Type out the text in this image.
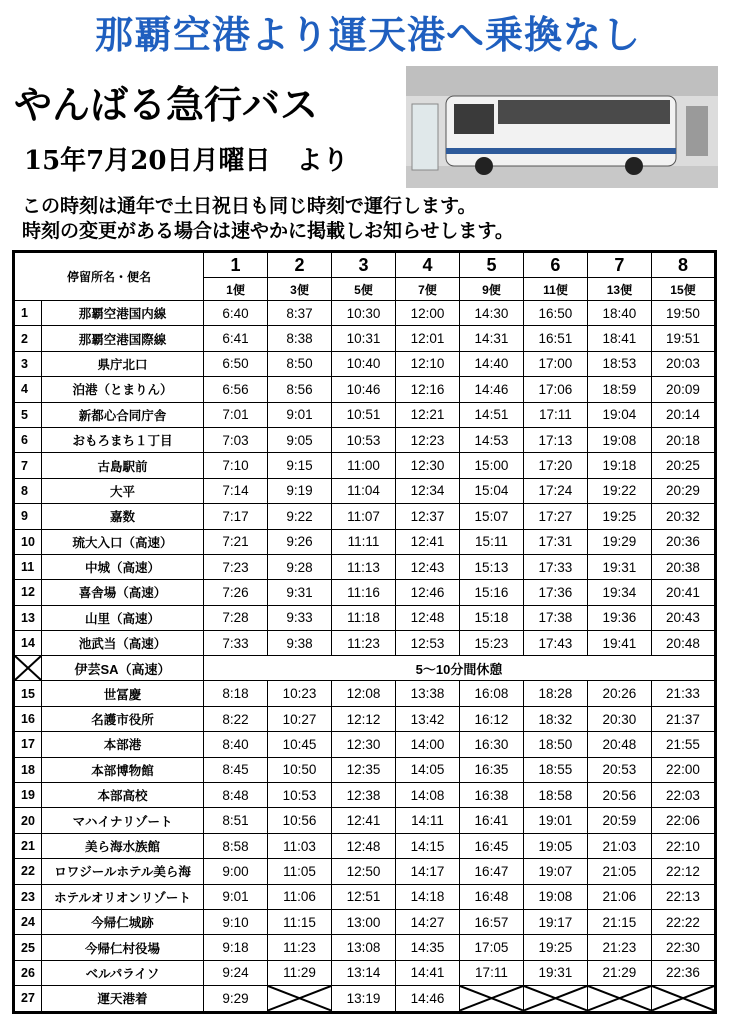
那覇空港より運天港へ乗換なし
やんばる急行バス
15年7月20日月曜日　より
この時刻は通年で土日祝日も同じ時刻で運行します。
時刻の変更がある場合は速やかに掲載しお知らせします。
停留所名・便名		1	2	3	4	5	6	7	8
		1便	3便	5便	7便	9便	11便	13便	15便
1	那覇空港国内線	6:40	8:37	10:30	12:00	14:30	16:50	18:40	19:50
2	那覇空港国際線	6:41	8:38	10:31	12:01	14:31	16:51	18:41	19:51
3	県庁北口	6:50	8:50	10:40	12:10	14:40	17:00	18:53	20:03
4	泊港（とまりん）	6:56	8:56	10:46	12:16	14:46	17:06	18:59	20:09
5	新都心合同庁舎	7:01	9:01	10:51	12:21	14:51	17:11	19:04	20:14
6	おもろまち１丁目	7:03	9:05	10:53	12:23	14:53	17:13	19:08	20:18
7	古島駅前	7:10	9:15	11:00	12:30	15:00	17:20	19:18	20:25
8	大平	7:14	9:19	11:04	12:34	15:04	17:24	19:22	20:29
9	嘉数	7:17	9:22	11:07	12:37	15:07	17:27	19:25	20:32
10	琉大入口（高速）	7:21	9:26	11:11	12:41	15:11	17:31	19:29	20:36
11	中城（高速）	7:23	9:28	11:13	12:43	15:13	17:33	19:31	20:38
12	喜舎場（高速）	7:26	9:31	11:16	12:46	15:16	17:36	19:34	20:41
13	山里（高速）	7:28	9:33	11:18	12:48	15:18	17:38	19:36	20:43
14	池武当（高速）	7:33	9:38	11:23	12:53	15:23	17:43	19:41	20:48

	伊芸SA（高速）	5～10分間休憩							
15	世冨慶	8:18	10:23	12:08	13:38	16:08	18:28	20:26	21:33
16	名護市役所	8:22	10:27	12:12	13:42	16:12	18:32	20:30	21:37
17	本部港	8:40	10:45	12:30	14:00	16:30	18:50	20:48	21:55
18	本部博物館	8:45	10:50	12:35	14:05	16:35	18:55	20:53	22:00
19	本部高校	8:48	10:53	12:38	14:08	16:38	18:58	20:56	22:03
20	マハイナリゾート	8:51	10:56	12:41	14:11	16:41	19:01	20:59	22:06
21	美ら海水族館	8:58	11:03	12:48	14:15	16:45	19:05	21:03	22:10
22	ロワジールホテル美ら海	9:00	11:05	12:50	14:17	16:47	19:07	21:05	22:12
23	ホテルオリオンリゾート	9:01	11:06	12:51	14:18	16:48	19:08	21:06	22:13
24	今帰仁城跡	9:10	11:15	13:00	14:27	16:57	19:17	21:15	22:22
25	今帰仁村役場	9:18	11:23	13:08	14:35	17:05	19:25	21:23	22:30
26	ベルパライソ	9:24	11:29	13:14	14:41	17:11	19:31	21:29	22:36
27	運天港着	9:29		13:19	14:46	
